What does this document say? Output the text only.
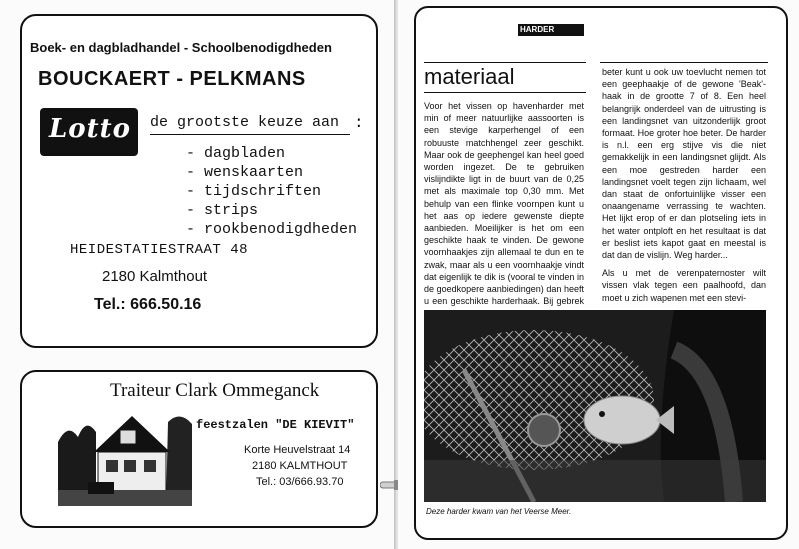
Boek- en dagbladhandel - Schoolbenodigdheden
BOUCKAERT - PELKMANS
Lotto de grootste keuze aan :
- dagbladen
- wenskaarten
- tijdschriften
- strips
- rookbenodigdheden
HEIDESTATIESTRAAT 48
2180 Kalmthout
Tel.: 666.50.16
Traiteur Clark Ommeganck
feestzalen "DE KIEVIT"
Korte Heuvelstraat 14
2180 KALMTHOUT
Tel.: 03/666.93.70
HARDER
materiaal

Voor het vissen op havenharder met min of meer natuurlijke aassoorten is een stevige karperhengel of een robuuste matchhengel zeer geschikt. Maar ook de geephengel kan heel goed worden ingezet. De te gebruiken vislijndikte ligt in de buurt van de 0,25 met als maximale top 0,30 mm. Met behulp van een flinke voornpen kunt u het aas op iedere gewenste diepte aanbieden. Moeilijker is het om een geschikte haak te vinden. De gewone voornhaakjes zijn allemaal te dun en te zwak, maar als u een voornhaakje vindt dat eigenlijk te dik is (vooral te vinden in de goedkopere aanbiedingen) dan heeft u een geschikte harderhaak. Bij gebrek

beter kunt u ook uw toevlucht nemen tot een geephaakje of de gewone 'Beak'-haak in de grootte 7 of 8. Een heel belangrijk onderdeel van de uitrusting is een landingsnet van uitzonderlijk groot formaat. Hoe groter hoe beter. De harder is n.l. een erg stijve vis die niet gemakkelijk in een landingsnet glijdt. Als een moe gestreden harder een landingsnet voelt tegen zijn lichaam, wel dan staat de onfortuinlijke visser een onaangename verrassing te wachten. Het lijkt erop of er dan plotseling iets in het water ontploft en het resultaat is dat er beslist iets kapot gaat en meestal is dat dan de vislijn. Weg harder...

Als u met de verenpaternoster wilt vissen vlak tegen een paalhoofd, dan moet u zich wapenen met een stevi-

Deze harder kwam van het Veerse Meer.
